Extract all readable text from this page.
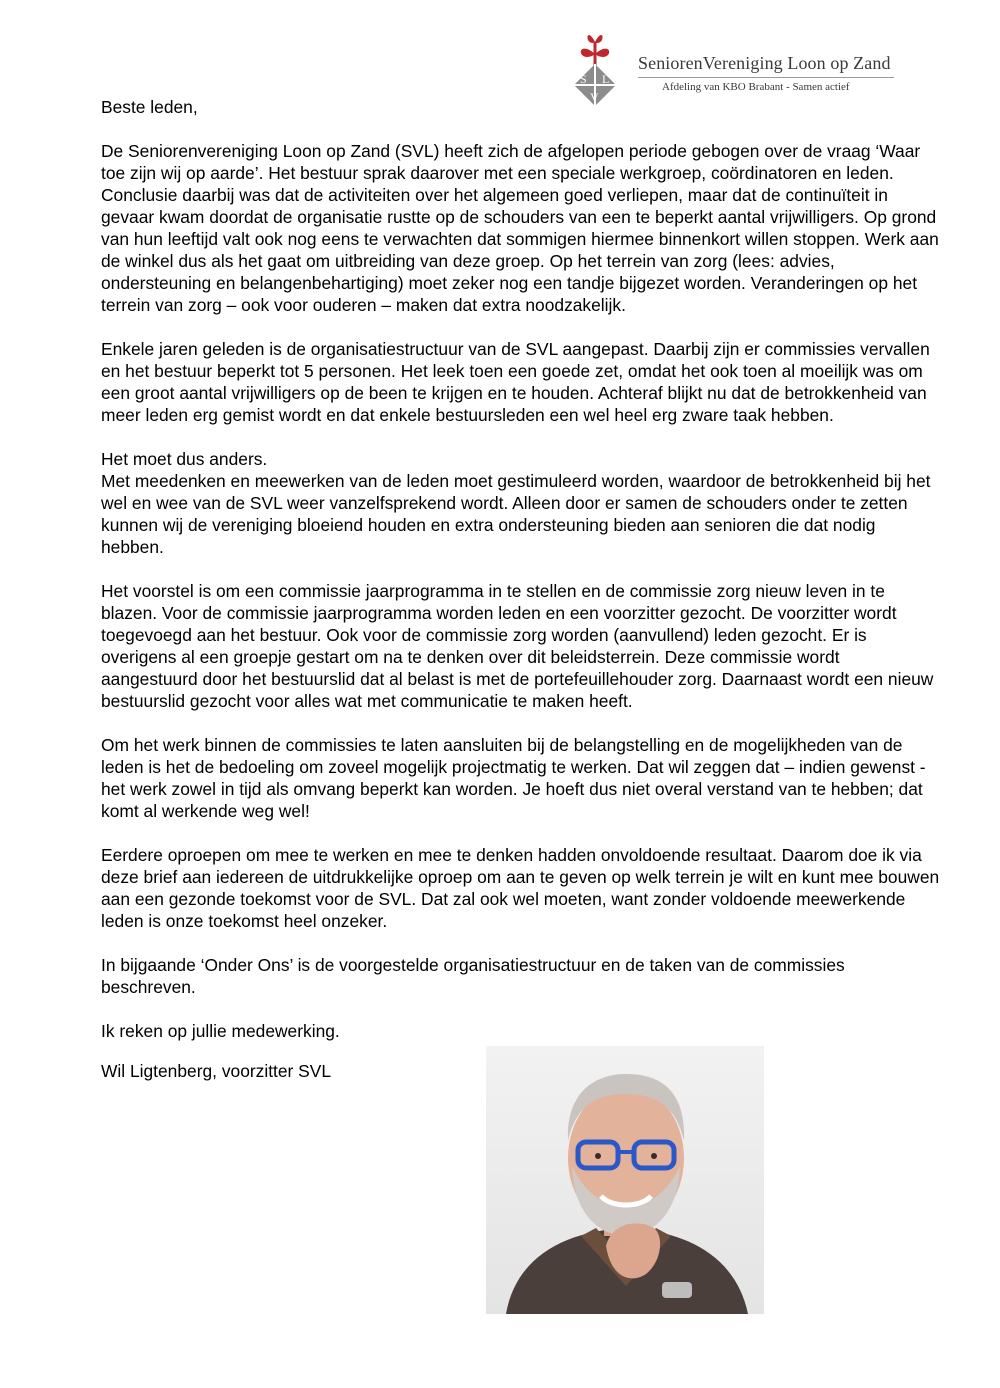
S
V
L
SeniorenVereniging Loon op Zand
Afdeling van KBO Brabant - Samen actief

Beste leden,

De Seniorenvereniging Loon op Zand (SVL) heeft zich de afgelopen periode gebogen over de vraag ‘Waar toe zijn wij op aarde’. Het bestuur sprak daarover met een speciale werkgroep, coördinatoren en leden. Conclusie daarbij was dat de activiteiten over het algemeen goed verliepen, maar dat de continuïteit in gevaar kwam doordat de organisatie rustte op de schouders van een te beperkt aantal vrijwilligers. Op grond van hun leeftijd valt ook nog eens te verwachten dat sommigen hiermee binnenkort willen stoppen. Werk aan de winkel dus als het gaat om uitbreiding van deze groep. Op het terrein van zorg (lees: advies, ondersteuning en belangenbehartiging) moet zeker nog een tandje bijgezet worden. Veranderingen op het terrein van zorg – ook voor ouderen – maken dat extra noodzakelijk.

Enkele jaren geleden is de organisatiestructuur van de SVL aangepast. Daarbij zijn er commissies vervallen en het bestuur beperkt tot 5 personen. Het leek toen een goede zet, omdat het ook toen al moeilijk was om een groot aantal vrijwilligers op de been te krijgen en te houden. Achteraf blijkt nu dat de betrokkenheid van meer leden erg gemist wordt en dat enkele bestuursleden een wel heel erg zware taak hebben.

Het moet dus anders.

Met meedenken en meewerken van de leden moet gestimuleerd worden, waardoor de betrokkenheid bij het wel en wee van de SVL weer vanzelfsprekend wordt. Alleen door er samen de schouders onder te zetten kunnen wij de vereniging bloeiend houden en extra ondersteuning bieden aan senioren die dat nodig hebben.

Het voorstel is om een commissie jaarprogramma in te stellen en de commissie zorg nieuw leven in te blazen. Voor de commissie jaarprogramma worden leden en een voorzitter gezocht. De voorzitter wordt toegevoegd aan het bestuur. Ook voor de commissie zorg worden (aanvullend) leden gezocht. Er is overigens al een groepje gestart om na te denken over dit beleidsterrein. Deze commissie wordt aangestuurd door het bestuurslid dat al belast is met de portefeuillehouder zorg. Daarnaast wordt een nieuw bestuurslid gezocht voor alles wat met communicatie te maken heeft.

Om het werk binnen de commissies te laten aansluiten bij de belangstelling en de mogelijkheden van de leden is het de bedoeling om zoveel mogelijk projectmatig te werken. Dat wil zeggen dat – indien gewenst - het werk zowel in tijd als omvang beperkt kan worden. Je hoeft dus niet overal verstand van te hebben; dat komt al werkende weg wel!

Eerdere oproepen om mee te werken en mee te denken hadden onvoldoende resultaat. Daarom doe ik via deze brief aan iedereen de uitdrukkelijke oproep om aan te geven op welk terrein je wilt en kunt mee bouwen aan een gezonde toekomst voor de SVL. Dat zal ook wel moeten, want zonder voldoende meewerkende leden is onze toekomst heel onzeker.

In bijgaande ‘Onder Ons’ is de voorgestelde organisatiestructuur en de taken van de commissies beschreven.

Ik reken op jullie medewerking.

Wil Ligtenberg, voorzitter SVL
